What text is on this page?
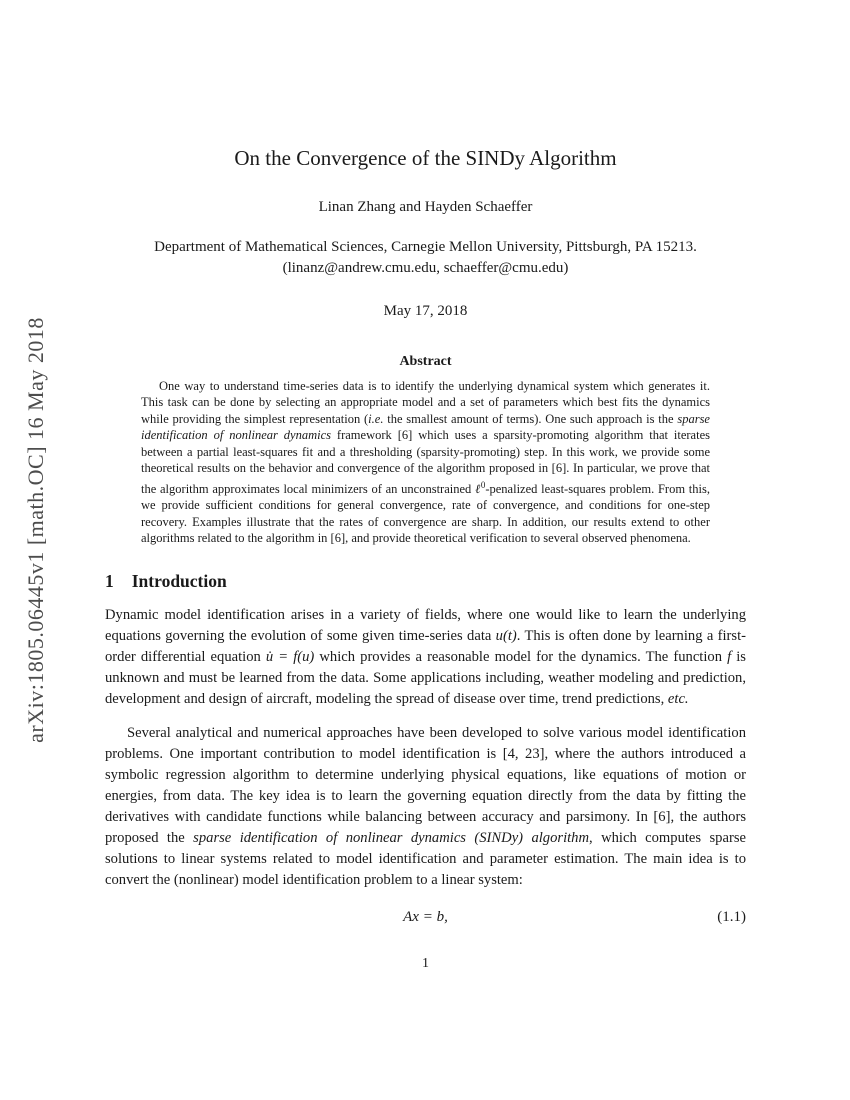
arXiv:1805.06445v1 [math.OC] 16 May 2018
On the Convergence of the SINDy Algorithm
Linan Zhang and Hayden Schaeffer
Department of Mathematical Sciences, Carnegie Mellon University, Pittsburgh, PA 15213.
(linanz@andrew.cmu.edu, schaeffer@cmu.edu)
May 17, 2018
Abstract

One way to understand time-series data is to identify the underlying dynamical system which generates it. This task can be done by selecting an appropriate model and a set of parameters which best fits the dynamics while providing the simplest representation (i.e. the smallest amount of terms). One such approach is the sparse identification of nonlinear dynamics framework [6] which uses a sparsity-promoting algorithm that iterates between a partial least-squares fit and a thresholding (sparsity-promoting) step. In this work, we provide some theoretical results on the behavior and convergence of the algorithm proposed in [6]. In particular, we prove that the algorithm approximates local minimizers of an unconstrained ℓ$^0$-penalized least-squares problem. From this, we provide sufficient conditions for general convergence, rate of convergence, and conditions for one-step recovery. Examples illustrate that the rates of convergence are sharp. In addition, our results extend to other algorithms related to the algorithm in [6], and provide theoretical verification to several observed phenomena.

1 Introduction

Dynamic model identification arises in a variety of fields, where one would like to learn the underlying equations governing the evolution of some given time-series data u(t). This is often done by learning a first-order differential equation u̇ = f(u) which provides a reasonable model for the dynamics. The function f is unknown and must be learned from the data. Some applications including, weather modeling and prediction, development and design of aircraft, modeling the spread of disease over time, trend predictions, etc.

Several analytical and numerical approaches have been developed to solve various model identification problems. One important contribution to model identification is [4, 23], where the authors introduced a symbolic regression algorithm to determine underlying physical equations, like equations of motion or energies, from data. The key idea is to learn the governing equation directly from the data by fitting the derivatives with candidate functions while balancing between accuracy and parsimony. In [6], the authors proposed the sparse identification of nonlinear dynamics (SINDy) algorithm, which computes sparse solutions to linear systems related to model identification and parameter estimation. The main idea is to convert the (nonlinear) model identification problem to a linear system:

Ax = b,	(1.1)
1
